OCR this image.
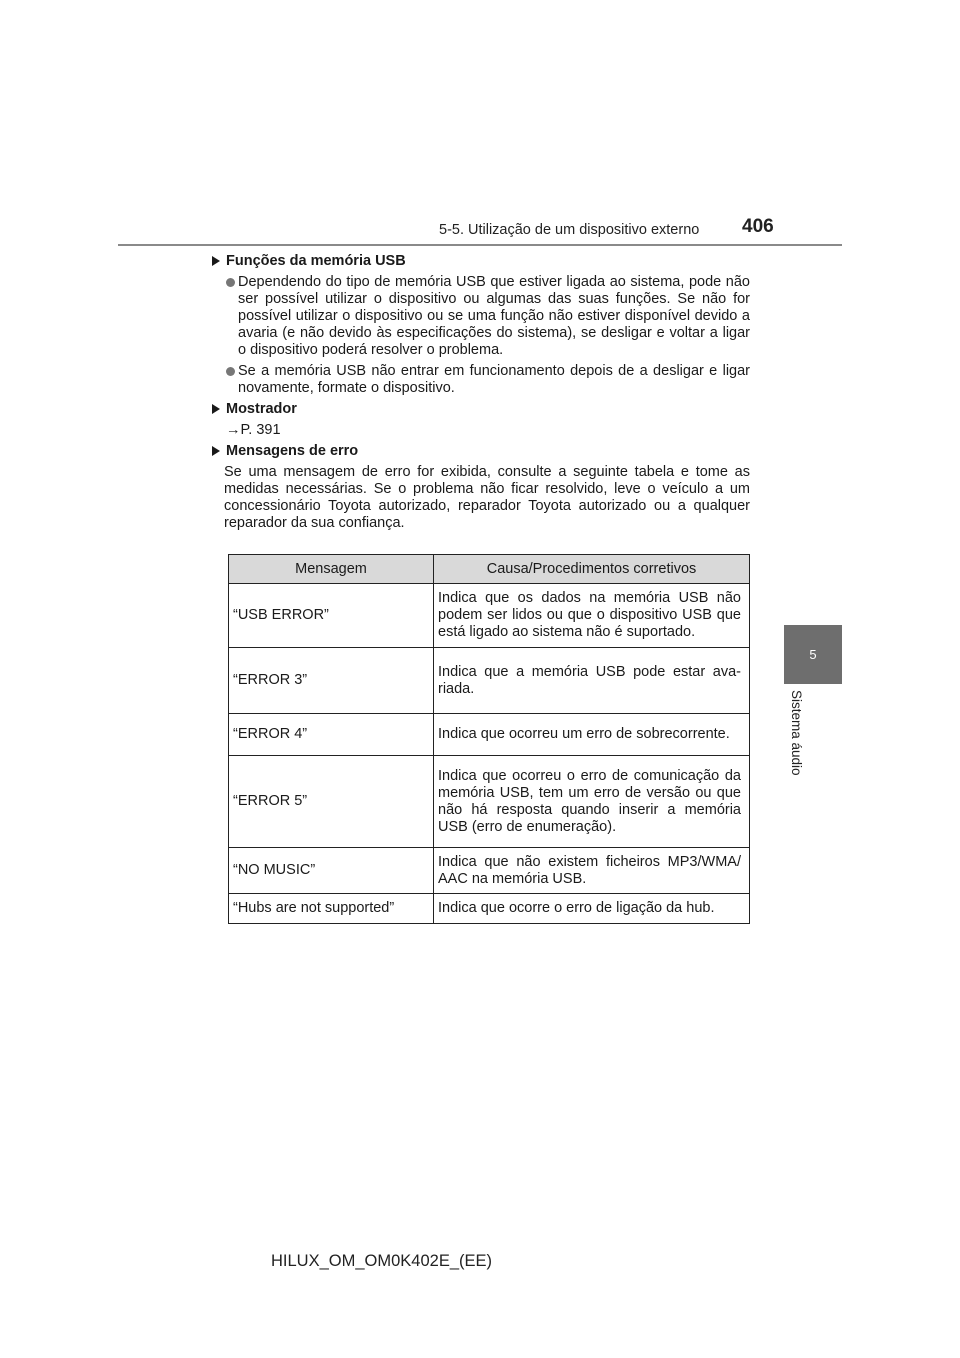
5-5. Utilização de um dispositivo externo 406
5
Sistema áudio

Funções da memória USB

Dependendo do tipo de memória USB que estiver ligada ao sistema, pode não ser possível utilizar o dispositivo ou algumas das suas funções. Se não for possível utilizar o dispositivo ou se uma função não estiver disponível devido a avaria (e não devido às especificações do sistema), se desligar e voltar a ligar o dispositivo poderá resolver o problema.

Se a memória USB não entrar em funcionamento depois de a desligar e ligar novamente, formate o dispositivo.

Mostrador

→P. 391

Mensagens de erro

Se uma mensagem de erro for exibida, consulte a seguinte tabela e tome as medidas necessárias. Se o problema não ficar resolvido, leve o veículo a um concessionário Toyota autorizado, reparador Toyota autorizado ou a qualquer reparador da sua confiança.

Mensagem	Causa/Procedimentos corretivos
“USB ERROR”	Indica que os dados na memória USB não podem ser lidos ou que o dispositivo USB que está ligado ao sistema não é suportado.
“ERROR 3”	Indica que a memória USB pode estar ava-riada.
“ERROR 4”	Indica que ocorreu um erro de sobrecorrente.
“ERROR 5”	Indica que ocorreu o erro de comunicação da memória USB, tem um erro de versão ou que não há resposta quando inserir a memória USB (erro de enumeração).
“NO MUSIC”	Indica que não existem ficheiros MP3/WMA/ AAC na memória USB.
“Hubs are not supported”	Indica que ocorre o erro de ligação da hub.
HILUX_OM_OM0K402E_(EE)
